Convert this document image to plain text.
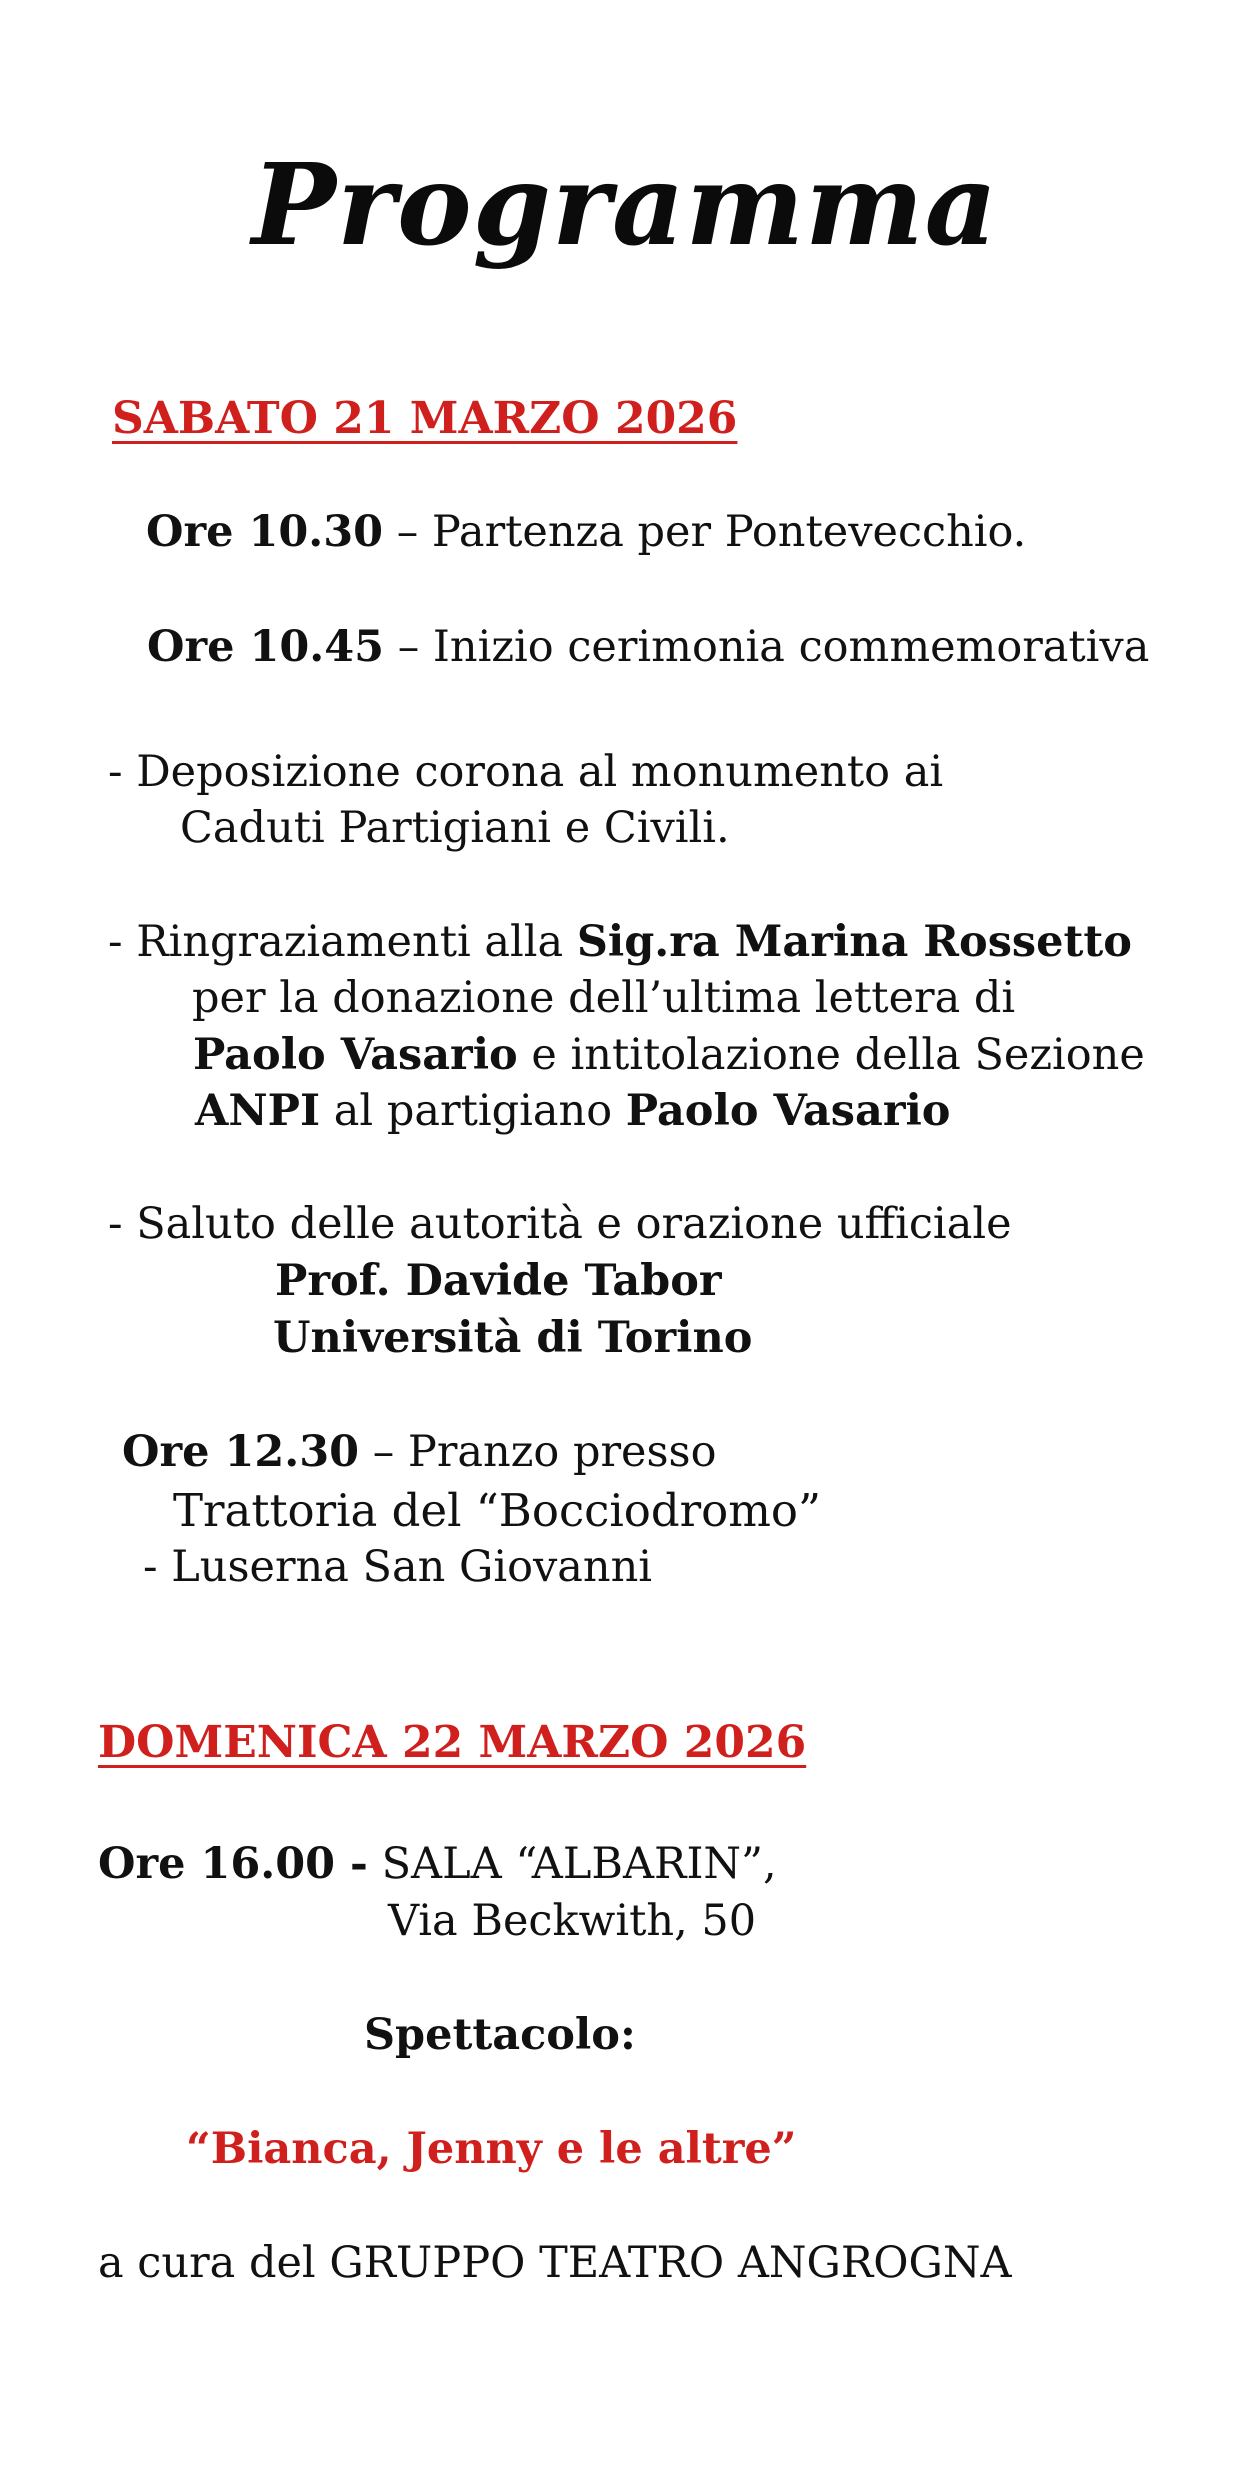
Programma
SABATO 21 MARZO 2026
Ore 10.30 – Partenza per Pontevecchio.
Ore 10.45 – Inizio cerimonia commemorativa
- Deposizione corona al monumento ai
Caduti Partigiani e Civili.
- Ringraziamenti alla Sig.ra Marina Rossetto
per la donazione dell’ultima lettera di
Paolo Vasario e intitolazione della Sezione
ANPI al partigiano Paolo Vasario
- Saluto delle autorità e orazione ufficiale
Prof. Davide Tabor
Università di Torino
Ore 12.30 – Pranzo presso
Trattoria del “Bocciodromo”
- Luserna San Giovanni
DOMENICA 22 MARZO 2026
Ore 16.00 - SALA “ALBARIN”,
Via Beckwith, 50
Spettacolo:
“Bianca, Jenny e le altre”
a cura del GRUPPO TEATRO ANGROGNA
